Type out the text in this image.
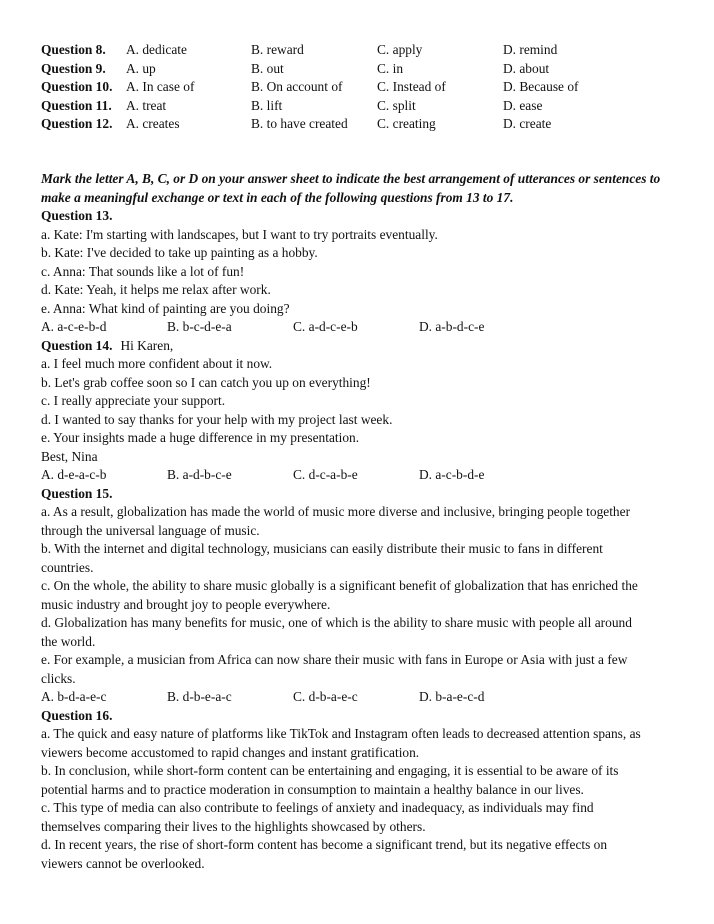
Question 8. A. dedicate	B. reward	C. apply	D. remind
Question 9. A. up	B. out	C. in	D. about
Question 10. A. In case of	B. On account of	C. Instead of	D. Because of
Question 11. A. treat	B. lift	C. split	D. ease
Question 12. A. creates	B. to have created C. creating	D. create
Mark the letter A, B, C, or D on your answer sheet to indicate the best arrangement of utterances or sentences to make a meaningful exchange or text in each of the following questions from 13 to 17.
Question 13.
a. Kate: I'm starting with landscapes, but I want to try portraits eventually.
b. Kate: I've decided to take up painting as a hobby.
c. Anna: That sounds like a lot of fun!
d. Kate: Yeah, it helps me relax after work.
e. Anna: What kind of painting are you doing?
A. a-c-e-b-d	B. b-c-d-e-a	C. a-d-c-e-b	D. a-b-d-c-e
Question 14. Hi Karen,
a. I feel much more confident about it now.
b. Let's grab coffee soon so I can catch you up on everything!
c. I really appreciate your support.
d. I wanted to say thanks for your help with my project last week.
e. Your insights made a huge difference in my presentation.
Best, Nina
A. d-e-a-c-b	B. a-d-b-c-e	C. d-c-a-b-e	D. a-c-b-d-e
Question 15.
a. As a result, globalization has made the world of music more diverse and inclusive, bringing people together
through the universal language of music.
b. With the internet and digital technology, musicians can easily distribute their music to fans in different
countries.
c. On the whole, the ability to share music globally is a significant benefit of globalization that has enriched the
music industry and brought joy to people everywhere.
d. Globalization has many benefits for music, one of which is the ability to share music with people all around
the world.
e. For example, a musician from Africa can now share their music with fans in Europe or Asia with just a few
clicks.
A. b-d-a-e-c	B. d-b-e-a-c	C. d-b-a-e-c	D. b-a-e-c-d
Question 16.
a. The quick and easy nature of platforms like TikTok and Instagram often leads to decreased attention spans, as
viewers become accustomed to rapid changes and instant gratification.
b. In conclusion, while short-form content can be entertaining and engaging, it is essential to be aware of its
potential harms and to practice moderation in consumption to maintain a healthy balance in our lives.
c. This type of media can also contribute to feelings of anxiety and inadequacy, as individuals may find
themselves comparing their lives to the highlights showcased by others.
d. In recent years, the rise of short-form content has become a significant trend, but its negative effects on
viewers cannot be overlooked.
